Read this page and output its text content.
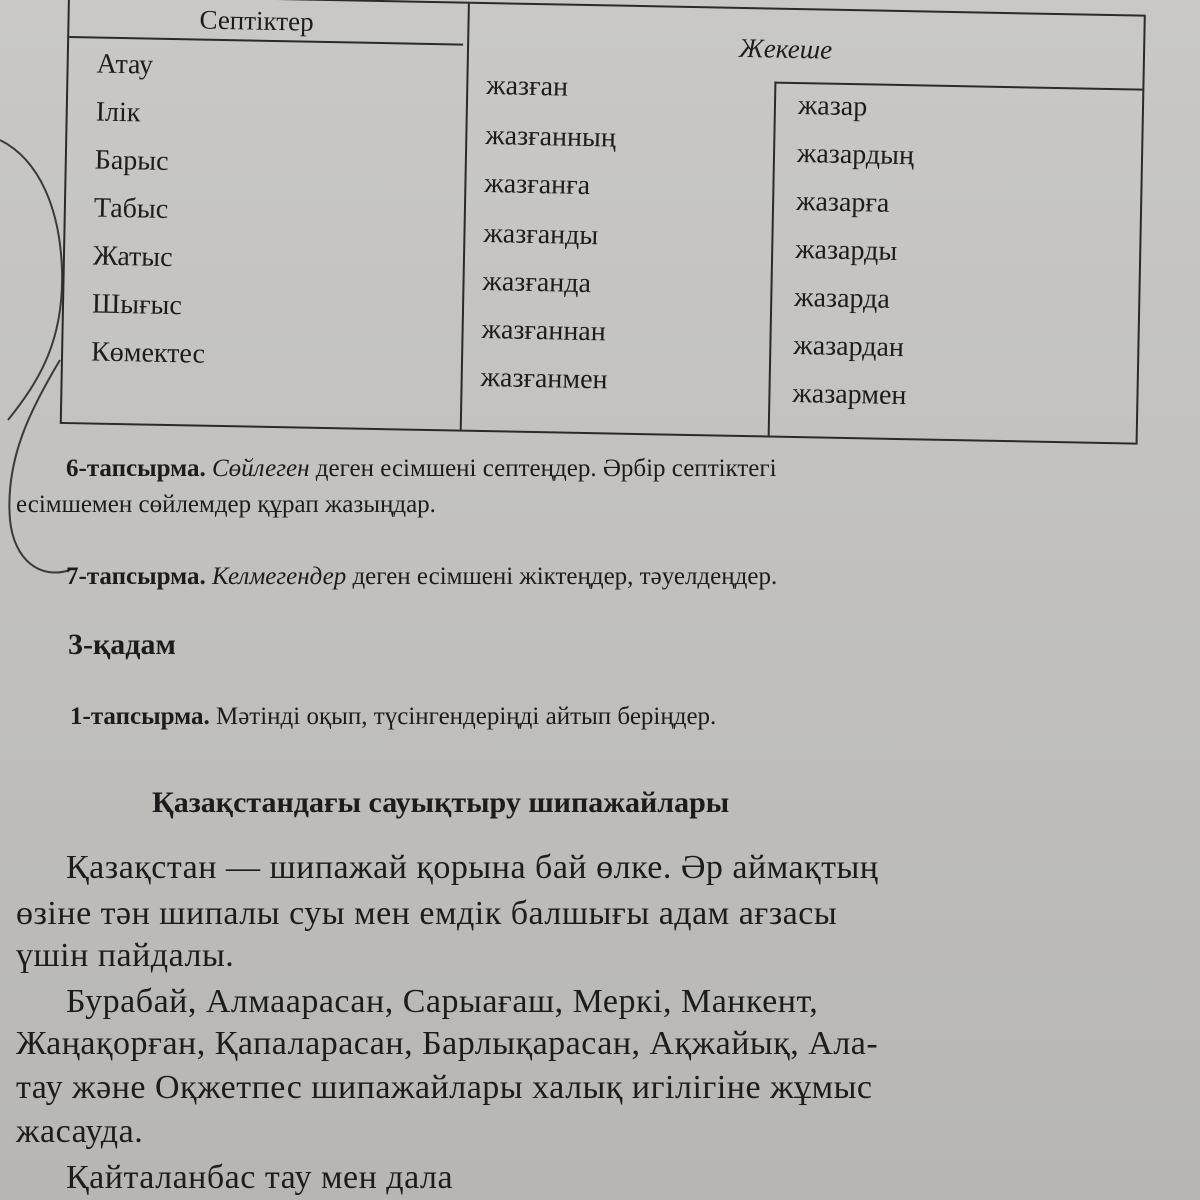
Септіктер
Жекеше
Атау
Ілік
Барыс
Табыс
Жатыс
Шығыс
Көмектес
жазған
жазғанның
жазғанға
жазғанды
жазғанда
жазғаннан
жазғанмен
жазар
жазардың
жазарға
жазарды
жазарда
жазардан
жазармен
6-тапсырма. Сөйлеген деген есімшені септеңдер. Әрбір септіктегі
есімшемен сөйлемдер құрап жазыңдар.
7-тапсырма. Келмегендер деген есімшені жіктеңдер, тәуелдеңдер.
3-қадам
1-тапсырма. Мәтінді оқып, түсінгендеріңді айтып беріңдер.
Қазақстандағы сауықтыру шипажайлары
Қазақстан — шипажай қорына бай өлке. Әр аймақтың
өзіне тән шипалы суы мен емдік балшығы адам ағзасы
үшін пайдалы.
Бурабай, Алмаарасан, Сарыағаш, Меркі, Манкент,
Жаңақорған, Қапаларасан, Барлықарасан, Ақжайық, Ала-
тау және Оқжетпес шипажайлары халық игілігіне жұмыс
жасауда.
Қайталанбас тау мен дала
